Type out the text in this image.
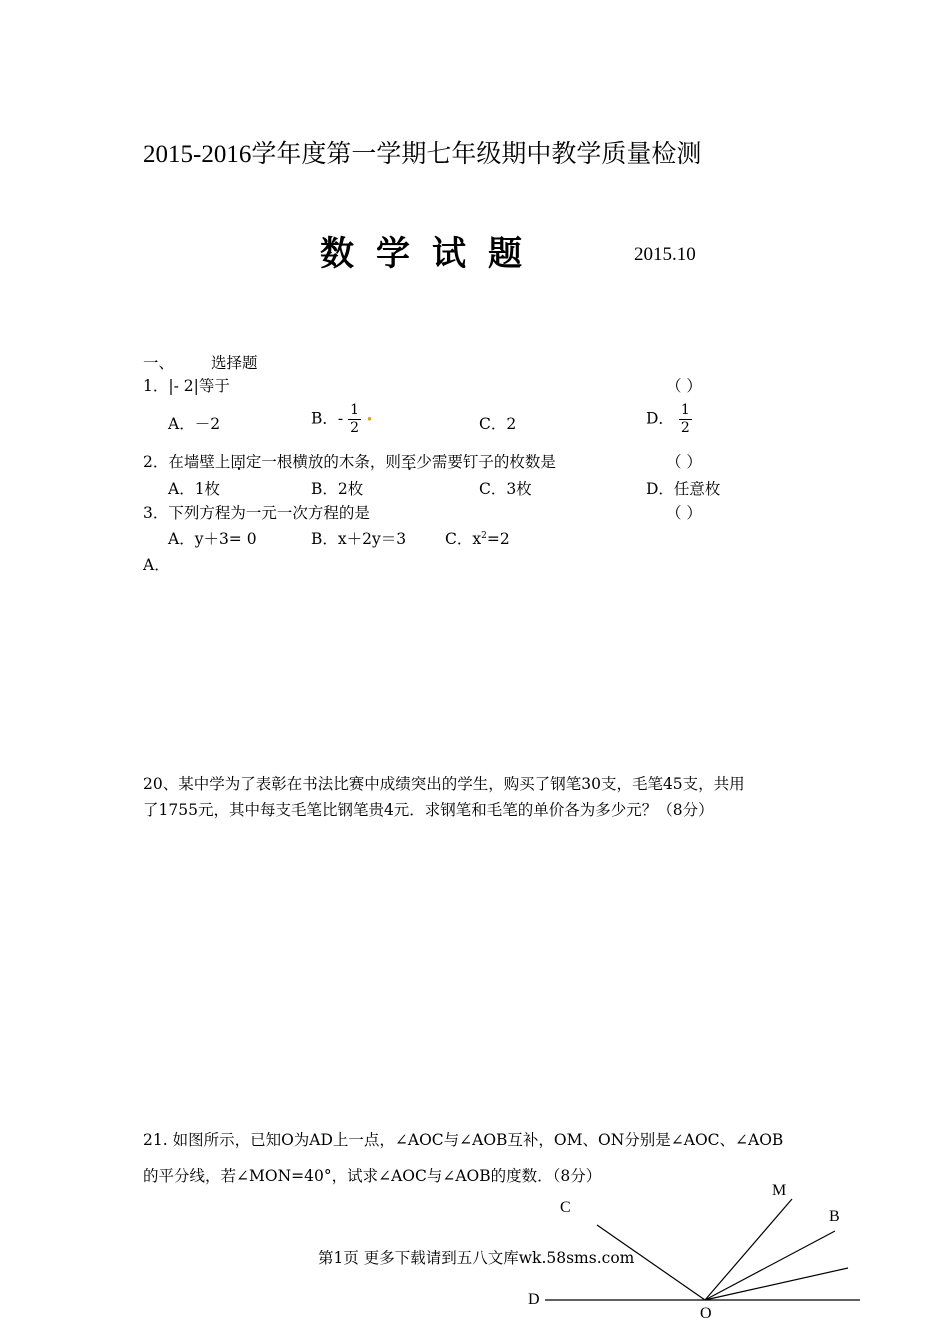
2015-2016学年度第一学期七年级期中教学质量检测
数学试题	2015.10
一、 选择题
1．|- 2|等于	（ ）
A．－2	B．- $\frac{1}{2}$ •	C．2	D． $\frac{1}{2}$
2．在墙壁上固定一根横放的木条，则至少需要钉子的枚数是	（ ）
A．1枚	B．2枚	C．3枚	D．任意枚
3．下列方程为一元一次方程的是	（ ）
A．y＋3= 0	B．x＋2y＝3	C．$x^2=2$
A．
20、某中学为了表彰在书法比赛中成绩突出的学生，购买了钢笔30支，毛笔45支，共用
了1755元，其中每支毛笔比钢笔贵4元．求钢笔和毛笔的单价各为多少元？（8分）
21. 如图所示，已知O为AD上一点，∠AOC与∠AOB互补，OM、ON分别是∠AOC、∠AOB
的平分线，若∠MON=40°，试求∠AOC与∠AOB的度数．（8分）
C
M
B
D
O
第1页 更多下载请到五八文库wk.58sms.com
